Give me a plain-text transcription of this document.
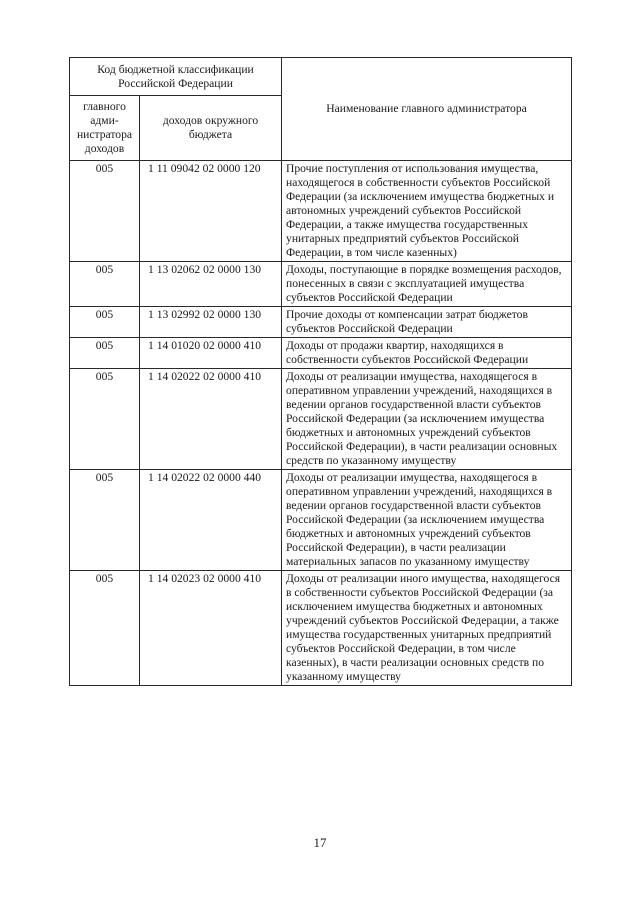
Код бюджетной классификации Российской Федерации		Наименование главного администратора
главного адми-нистратора доходов	доходов окружного бюджета	
005	1 11 09042 02 0000 120	Прочие поступления от использования имущества, находящегося в собственности субъектов Российской Федерации (за исключением имущества бюджетных и автономных учреждений субъектов Российской Федерации, а также имущества государственных унитарных предприятий субъектов Российской Федерации, в том числе казенных)
005	1 13 02062 02 0000 130	Доходы, поступающие в порядке возмещения расходов, понесенных в связи с эксплуатацией имущества субъектов Российской Федерации
005	1 13 02992 02 0000 130	Прочие доходы от компенсации затрат бюджетов субъектов Российской Федерации
005	1 14 01020 02 0000 410	Доходы от продажи квартир, находящихся в собственности субъектов Российской Федерации
005	1 14 02022 02 0000 410	Доходы от реализации имущества, находящегося в оперативном управлении учреждений, находящихся в ведении органов государственной власти субъектов Российской Федерации (за исключением имущества бюджетных и автономных учреждений субъектов Российской Федерации), в части реализации основных средств по указанному имуществу
005	1 14 02022 02 0000 440	Доходы от реализации имущества, находящегося в оперативном управлении учреждений, находящихся в ведении органов государственной власти субъектов Российской Федерации (за исключением имущества бюджетных и автономных учреждений субъектов Российской Федерации), в части реализации материальных запасов по указанному имуществу
005	1 14 02023 02 0000 410	Доходы от реализации иного имущества, находящегося в собственности субъектов Российской Федерации (за исключением имущества бюджетных и автономных учреждений субъектов Российской Федерации, а также имущества государственных унитарных предприятий субъектов Российской Федерации, в том числе казенных), в части реализации основных средств по указанному имуществу
17
